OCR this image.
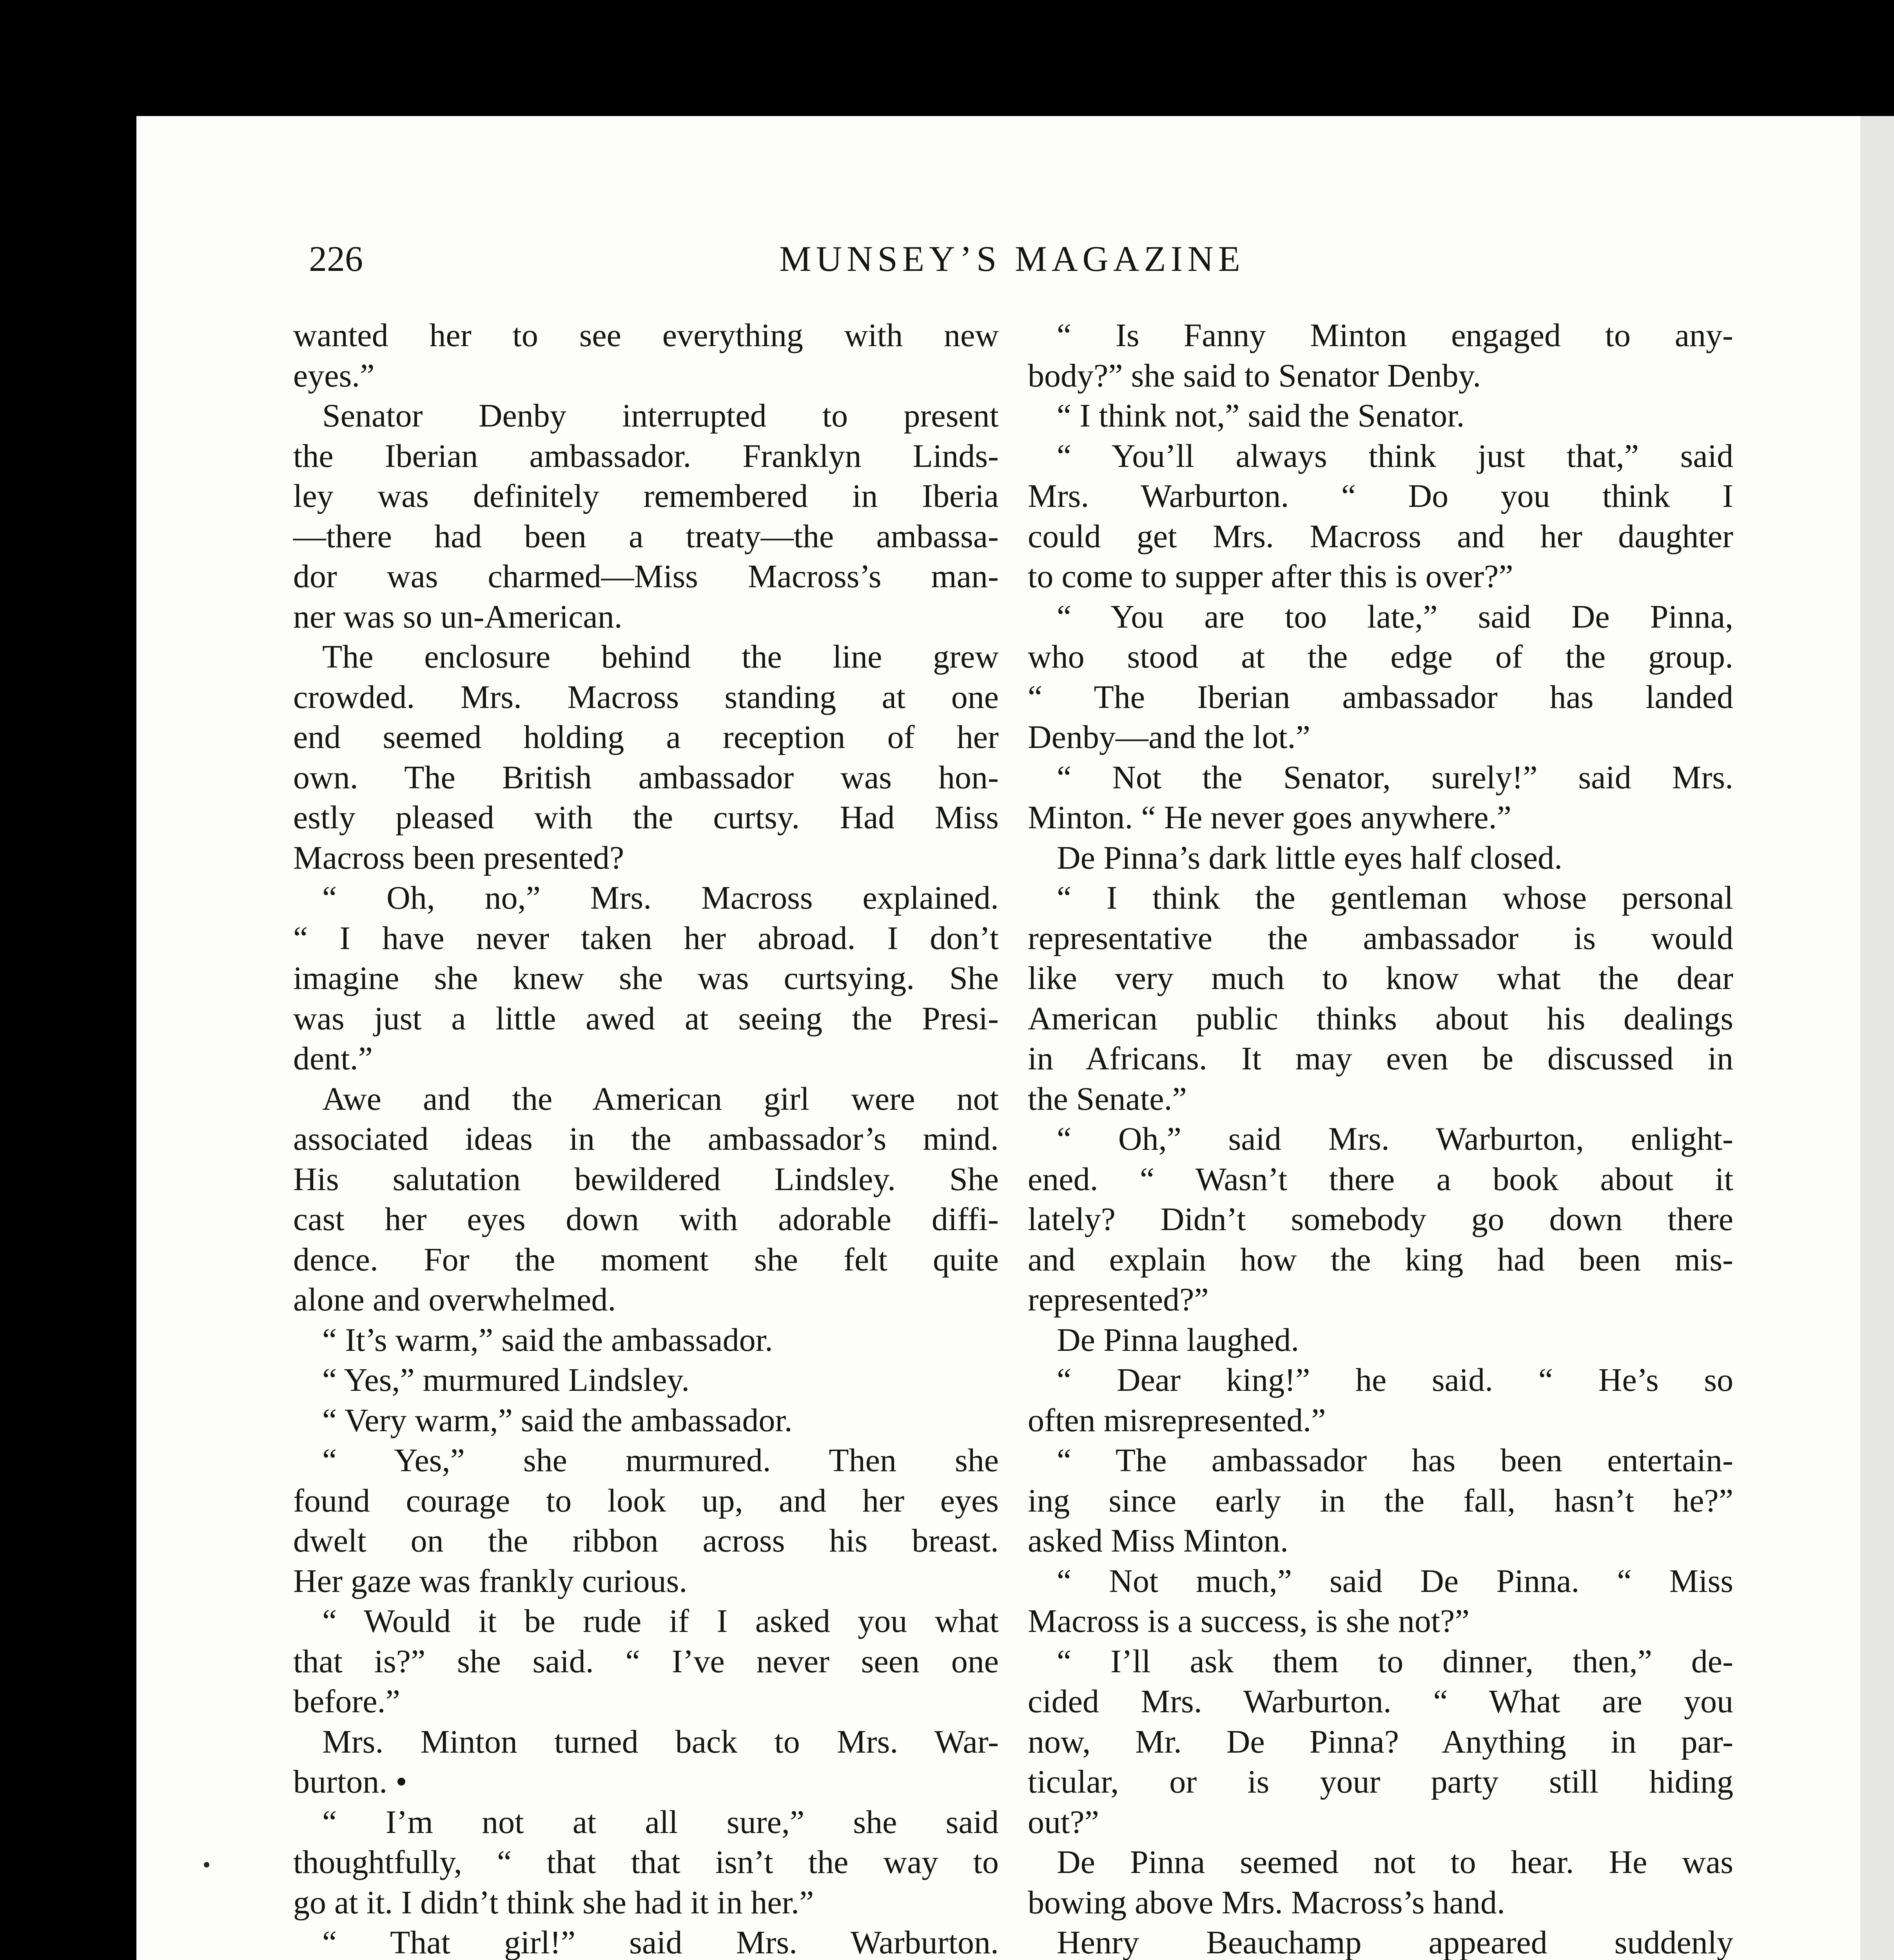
226	MUNSEY’S MAGAZINE
wanted her to see everything with new
eyes.”
Senator Denby interrupted to present
the Iberian ambassador. Franklyn Linds-
ley was definitely remembered in Iberia
—there had been a treaty—the ambassa-
dor was charmed—Miss Macross’s man-
ner was so un-American.
The enclosure behind the line grew
crowded. Mrs. Macross standing at one
end seemed holding a reception of her
own. The British ambassador was hon-
estly pleased with the curtsy. Had Miss
Macross been presented?
“ Oh, no,” Mrs. Macross explained.
“ I have never taken her abroad. I don’t
imagine she knew she was curtsying. She
was just a little awed at seeing the Presi-
dent.”
Awe and the American girl were not
associated ideas in the ambassador’s mind.
His salutation bewildered Lindsley. She
cast her eyes down with adorable diffi-
dence. For the moment she felt quite
alone and overwhelmed.
“ It’s warm,” said the ambassador.
“ Yes,” murmured Lindsley.
“ Very warm,” said the ambassador.
“ Yes,” she murmured. Then she
found courage to look up, and her eyes
dwelt on the ribbon across his breast.
Her gaze was frankly curious.
“ Would it be rude if I asked you what
that is?” she said. “ I’ve never seen one
before.”
Mrs. Minton turned back to Mrs. War-
burton. •
“ I’m not at all sure,” she said
thoughtfully, “ that that isn’t the way to
go at it. I didn’t think she had it in her.”
“ That girl!” said Mrs. Warburton.
“ Is Fanny Minton engaged to any-
body?” she said to Senator Denby.
“ I think not,” said the Senator.
“ You’ll always think just that,” said
Mrs. Warburton. “ Do you think I
could get Mrs. Macross and her daughter
to come to supper after this is over?”
“ You are too late,” said De Pinna,
who stood at the edge of the group.
“ The Iberian ambassador has landed
Denby—and the lot.”
“ Not the Senator, surely!” said Mrs.
Minton. “ He never goes anywhere.”
De Pinna’s dark little eyes half closed.
“ I think the gentleman whose personal
representative the ambassador is would
like very much to know what the dear
American public thinks about his dealings
in Africans. It may even be discussed in
the Senate.”
“ Oh,” said Mrs. Warburton, enlight-
ened. “ Wasn’t there a book about it
lately? Didn’t somebody go down there
and explain how the king had been mis-
represented?”
De Pinna laughed.
“ Dear king!” he said. “ He’s so
often misrepresented.”
“ The ambassador has been entertain-
ing since early in the fall, hasn’t he?”
asked Miss Minton.
“ Not much,” said De Pinna. “ Miss
Macross is a success, is she not?”
“ I’ll ask them to dinner, then,” de-
cided Mrs. Warburton. “ What are you
now, Mr. De Pinna? Anything in par-
ticular, or is your party still hiding
out?”
De Pinna seemed not to hear. He was
bowing above Mrs. Macross’s hand.
Henry Beauchamp appeared suddenly
